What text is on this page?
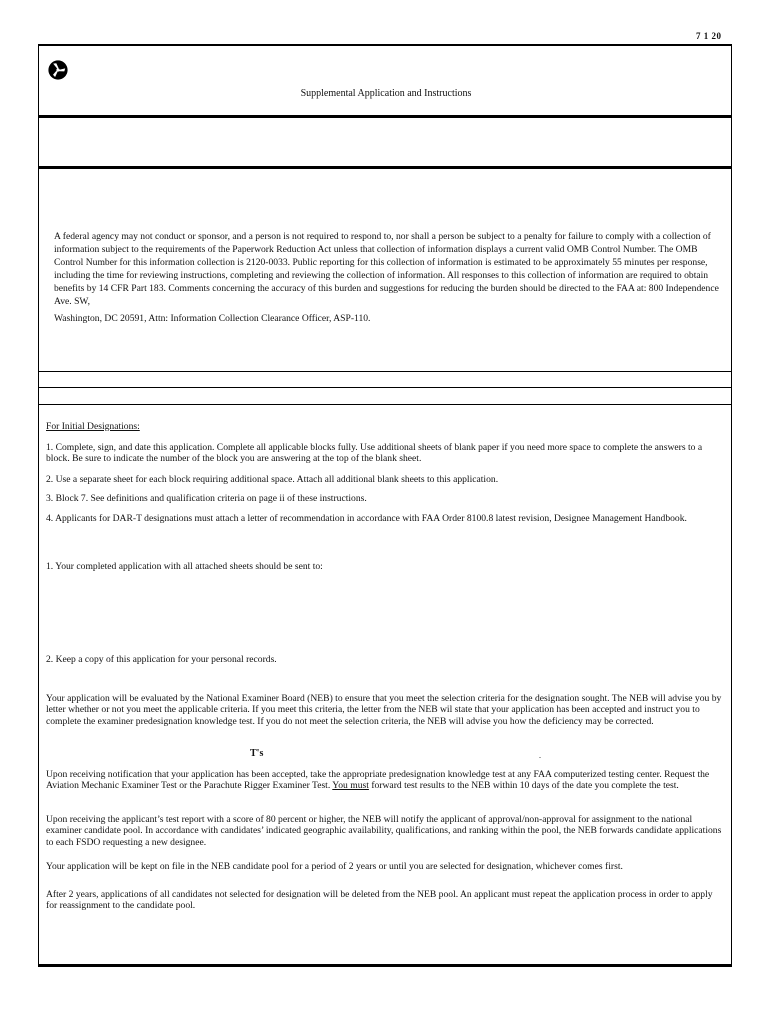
7 1 20
Supplemental Application and Instructions

A federal agency may not conduct or sponsor, and a person is not required to respond to, nor shall a person be subject to a penalty for failure to comply with a collection of information subject to the requirements of the Paperwork Reduction Act unless that collection of information displays a current valid OMB Control Number. The OMB Control Number for this information collection is 2120-0033. Public reporting for this collection of information is estimated to be approximately 55 minutes per response, including the time for reviewing instructions, completing and reviewing the collection of information. All responses to this collection of information are required to obtain benefits by 14 CFR Part 183. Comments concerning the accuracy of this burden and suggestions for reducing the burden should be directed to the FAA at: 800 Independence Ave. SW,

Washington, DC 20591, Attn: Information Collection Clearance Officer, ASP-110.

For Initial Designations:

1. Complete, sign, and date this application. Complete all applicable blocks fully. Use additional sheets of blank paper if you need more space to complete the answers to a block. Be sure to indicate the number of the block you are answering at the top of the blank sheet.

2. Use a separate sheet for each block requiring additional space. Attach all additional blank sheets to this application.

3. Block 7. See definitions and qualification criteria on page ii of these instructions.

4. Applicants for DAR-T designations must attach a letter of recommendation in accordance with FAA Order 8100.8 latest revision, Designee Management Handbook.

1. Your completed application with all attached sheets should be sent to:

2. Keep a copy of this application for your personal records.

Your application will be evaluated by the National Examiner Board (NEB) to ensure that you meet the selection criteria for the designation sought. The NEB will advise you by letter whether or not you meet the applicable criteria. If you meet this criteria, the letter from the NEB wil state that your application has been accepted and instruct you to complete the examiner predesignation knowledge test. If you do not meet the selection criteria, the NEB will advise you how the deficiency may be corrected.

T's	.

Upon receiving notification that your application has been accepted, take the appropriate predesignation knowledge test at any FAA computerized testing center. Request the Aviation Mechanic Examiner Test or the Parachute Rigger Examiner Test. You must forward test results to the NEB within 10 days of the date you complete the test.

Upon receiving the applicant’s test report with a score of 80 percent or higher, the NEB will notify the applicant of approval/non-approval for assignment to the national examiner candidate pool. In accordance with candidates’ indicated geographic availability, qualifications, and ranking within the pool, the NEB forwards candidate applications to each FSDO requesting a new designee.

Your application will be kept on file in the NEB candidate pool for a period of 2 years or until you are selected for designation, whichever comes first.

After 2 years, applications of all candidates not selected for designation will be deleted from the NEB pool. An applicant must repeat the application process in order to apply for reassignment to the candidate pool.
